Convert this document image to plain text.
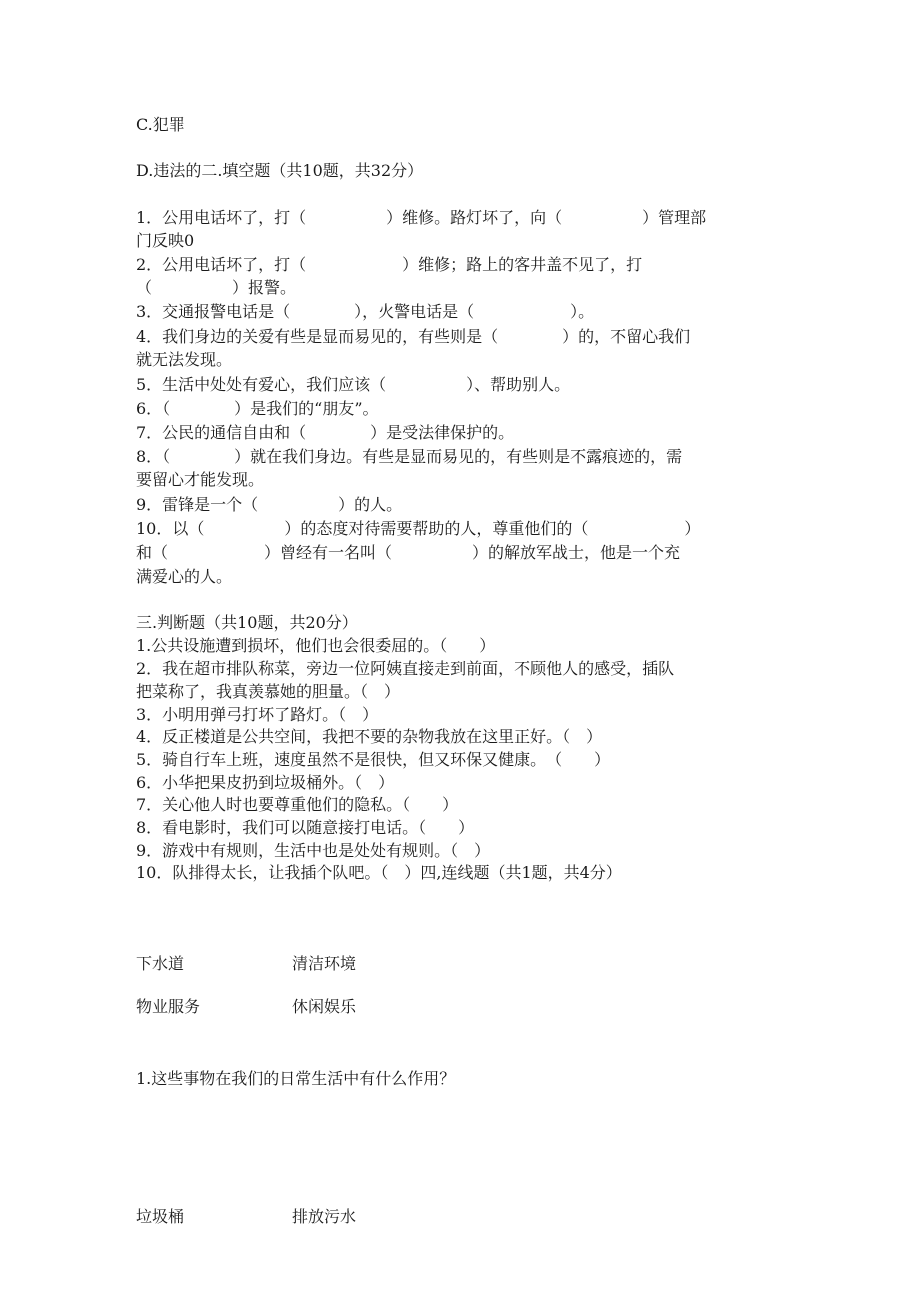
C.犯罪
D.违法的二.填空题（共10题，共32分）
1．公用电话坏了，打（　　　　　）维修。路灯坏了，向（　　　　　）管理部
门反映0
2．公用电话坏了，打（　　　　　　）维修；路上的客井盖不见了，打
（　　　　　）报警。
3．交通报警电话是（　　　　），火警电话是（　　　　　　）。
4．我们身边的关爱有些是显而易见的，有些则是（　　　　）的，不留心我们
就无法发现。
5．生活中处处有爱心，我们应该（　　　　　）、帮助别人。
6．（　　　　）是我们的“朋友”。
7．公民的通信自由和（　　　　）是受法律保护的。
8．（　　　　）就在我们身边。有些是显而易见的，有些则是不露痕迹的，需
要留心才能发现。
9．雷锋是一个（　　　　　）的人。
10．以（　　　　　）的态度对待需要帮助的人，尊重他们的（　　　　　　）
和（　　　　　　）曾经有一名叫（　　　　　）的解放军战士，他是一个充
满爱心的人。
三.判断题（共10题，共20分）
1.公共设施遭到损坏，他们也会很委屈的。（　　）
2．我在超市排队称菜，旁边一位阿姨直接走到前面，不顾他人的感受，插队
把菜称了，我真羡慕她的胆量。（　）
3．小明用弹弓打坏了路灯。（　）
4．反正楼道是公共空间，我把不要的杂物我放在这里正好。（　）
5．骑自行车上班，速度虽然不是很快，但又环保又健康。　（　　）
6．小华把果皮扔到垃圾桶外。（　）
7．关心他人时也要尊重他们的隐私。（　　）
8．看电影时，我们可以随意接打电话。（　　）
9．游戏中有规则，生活中也是处处有规则。（　）
10．队排得太长，让我插个队吧。（　）四,连线题（共1题，共4分）
下水道	清洁环境
物业服务	休闲娱乐
1.这些事物在我们的日常生活中有什么作用？
垃圾桶	排放污水
